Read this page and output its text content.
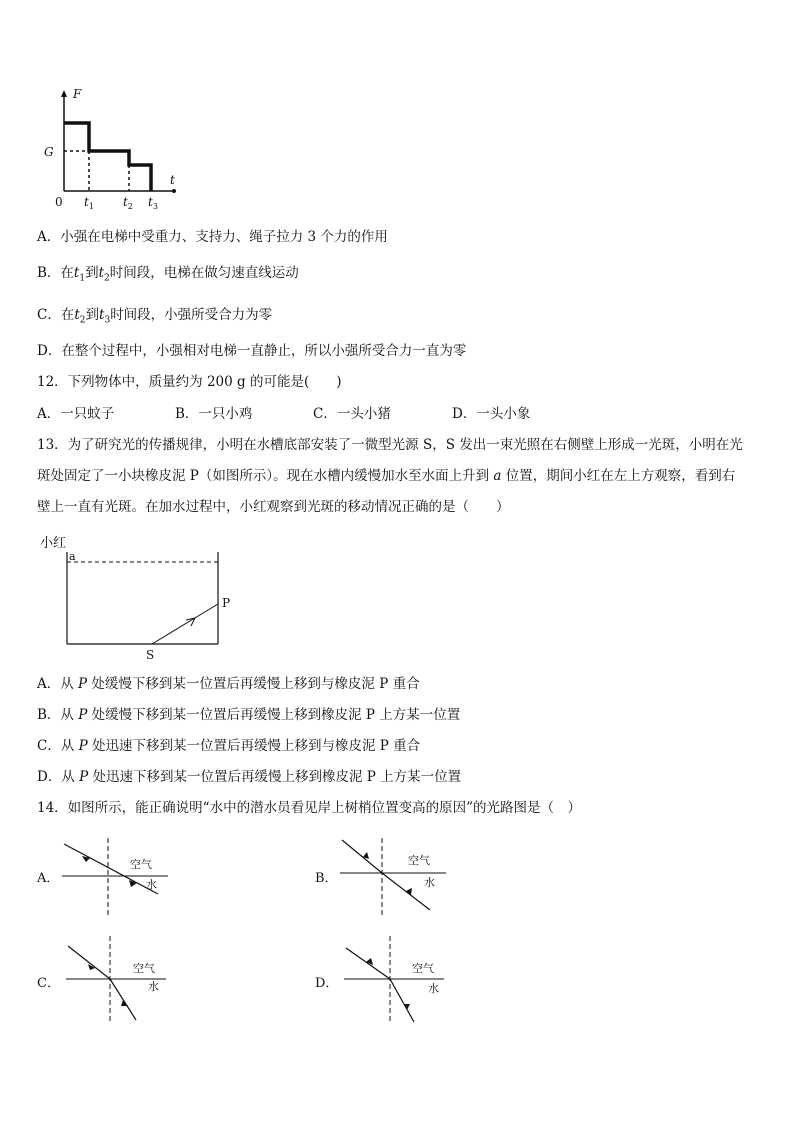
F
t
0
G
$t_1$ $t_2$ $t_3$
A．小强在电梯中受重力、支持力、绳子拉力 3 个力的作用
B．在$t_1$到$t_2$时间段，电梯在做匀速直线运动
C．在$t_2$到$t_3$时间段，小强所受合力为零
D．在整个过程中，小强相对电梯一直静止，所以小强所受合力一直为零
12．下列物体中，质量约为 200 g 的可能是(　　)
A．一只蚊子	B．一只小鸡	C．一头小猪	D．一头小象
13．为了研究光的传播规律，小明在水槽底部安装了一微型光源 S，S 发出一束光照在右侧壁上形成一光斑，小明在光
斑处固定了一小块橡皮泥 P（如图所示）。现在水槽内缓慢加水至水面上升到 a 位置，期间小红在左上方观察，看到右
壁上一直有光斑。在加水过程中，小红观察到光斑的移动情况正确的是（　　）
小红
a
P
S
A．从 P 处缓慢下移到某一位置后再缓慢上移到与橡皮泥 P 重合
B．从 P 处缓慢下移到某一位置后再缓慢上移到橡皮泥 P 上方某一位置
C．从 P 处迅速下移到某一位置后再缓慢上移到与橡皮泥 P 重合
D．从 P 处迅速下移到某一位置后再缓慢上移到橡皮泥 P 上方某一位置
14．如图所示，能正确说明“水中的潜水员看见岸上树梢位置变高的原因”的光路图是（　）
A．
空气
水	B．
空气
水
C．
空气
水	D．
空气
水
